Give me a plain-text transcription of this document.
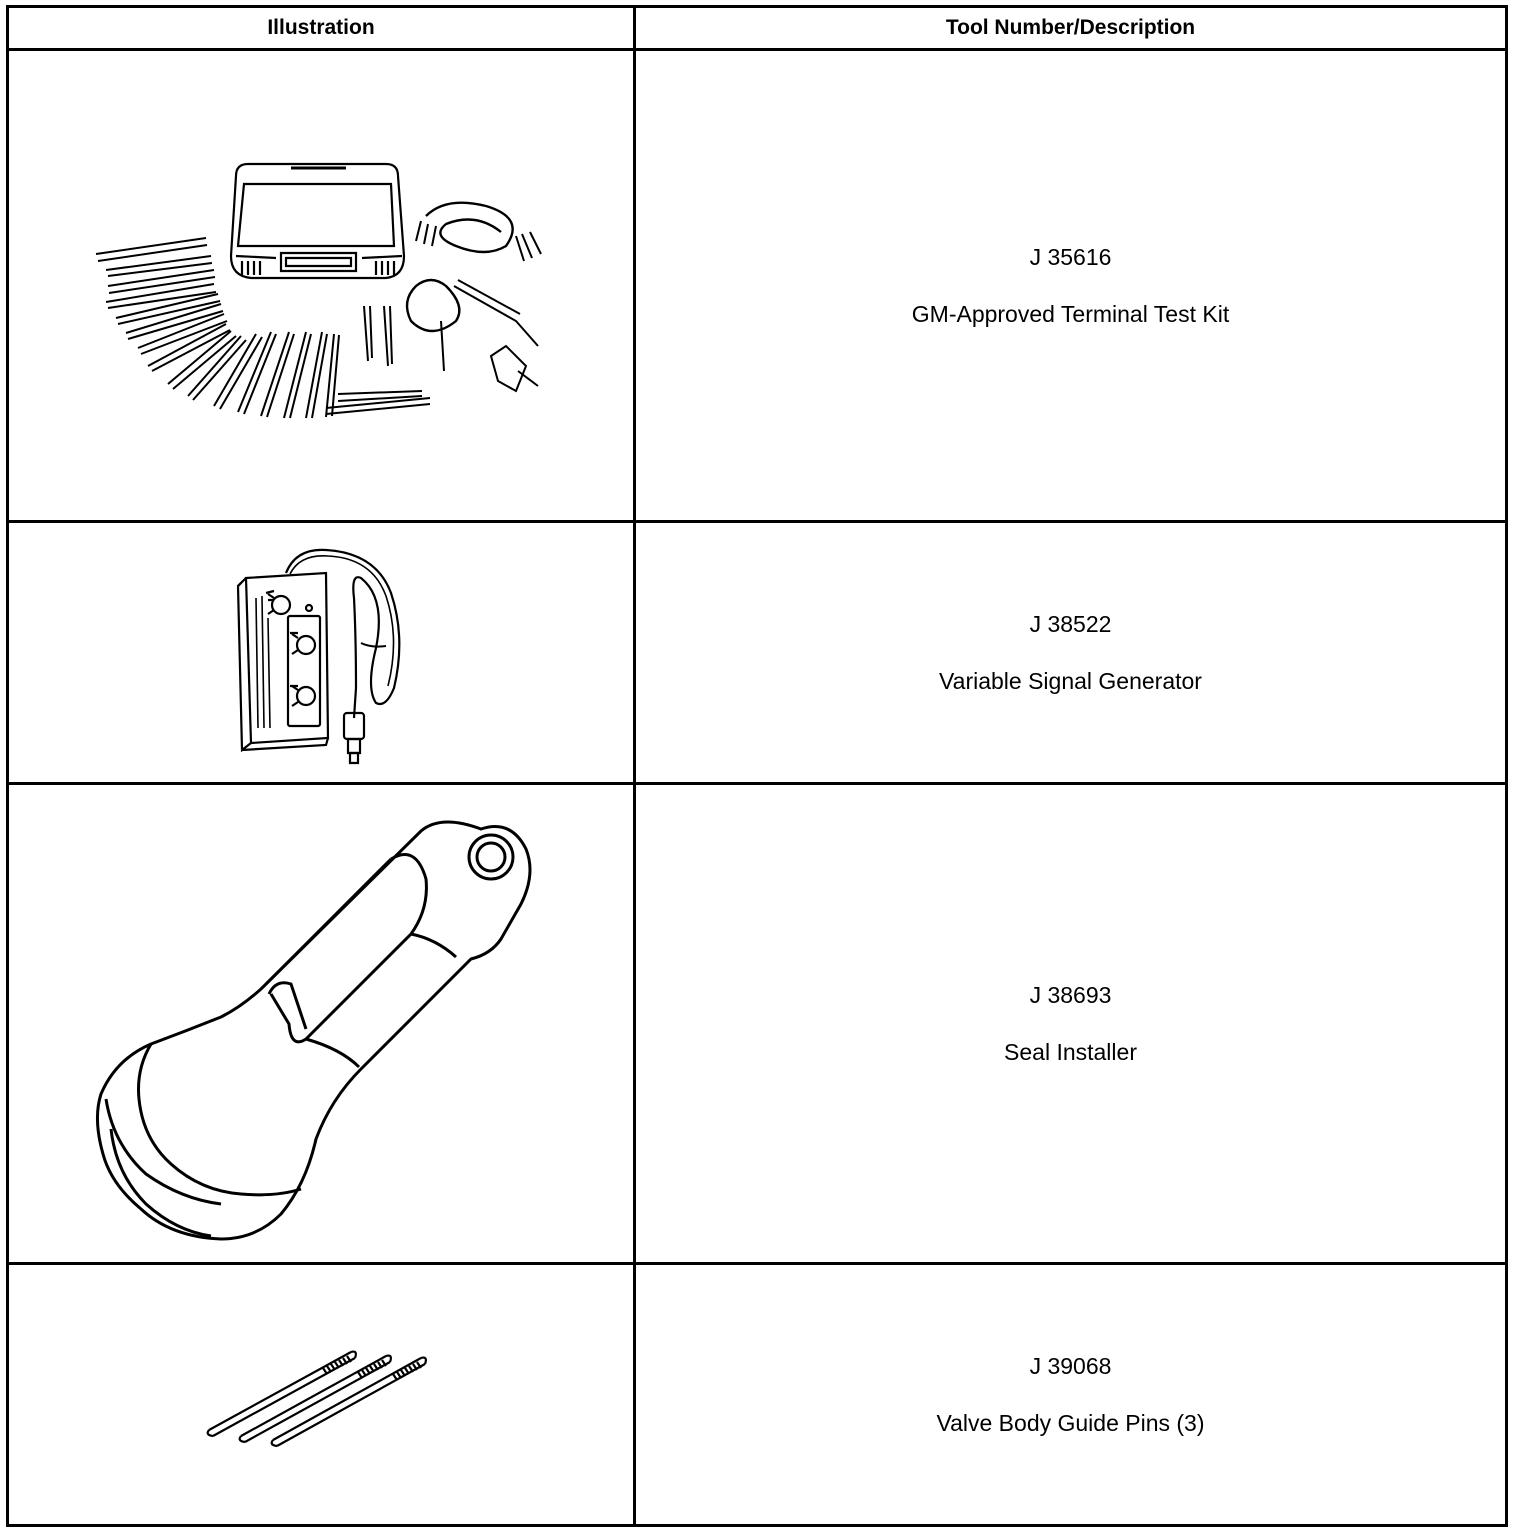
Illustration	Tool Number/Description

J 35616
GM-Approved Terminal Test Kit

J 38522
Variable Signal Generator

J 38693
Seal Installer

J 39068
Valve Body Guide Pins (3)
